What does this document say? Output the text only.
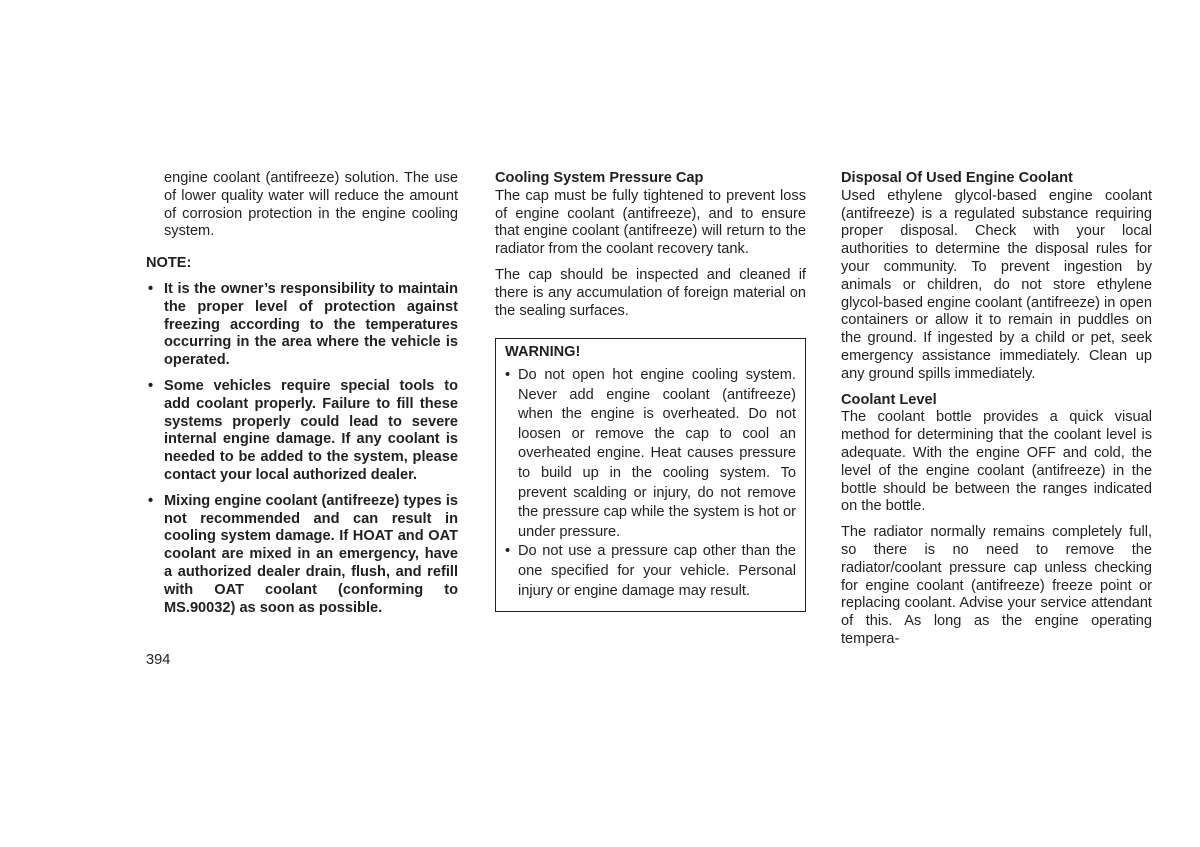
engine coolant (antifreeze) solution. The use of lower quality water will reduce the amount of corrosion protection in the engine cooling system.

NOTE:

• It is the owner’s responsibility to maintain the proper level of protection against freezing according to the temperatures occurring in the area where the vehicle is operated.
• Some vehicles require special tools to add coolant properly. Failure to fill these systems properly could lead to severe internal engine damage. If any coolant is needed to be added to the system, please contact your local authorized dealer.
• Mixing engine coolant (antifreeze) types is not recommended and can result in cooling system damage. If HOAT and OAT coolant are mixed in an emergency, have a authorized dealer drain, flush, and refill with OAT coolant (conforming to MS.90032) as soon as possible.

Cooling System Pressure Cap

The cap must be fully tightened to prevent loss of engine coolant (antifreeze), and to ensure that engine coolant (antifreeze) will return to the radiator from the coolant recovery tank.

The cap should be inspected and cleaned if there is any accumulation of foreign material on the sealing surfaces.

WARNING!
• Do not open hot engine cooling system. Never add engine coolant (antifreeze) when the engine is overheated. Do not loosen or remove the cap to cool an overheated engine. Heat causes pressure to build up in the cooling system. To prevent scalding or injury, do not remove the pressure cap while the system is hot or under pressure.
• Do not use a pressure cap other than the one specified for your vehicle. Personal injury or engine damage may result.

Disposal Of Used Engine Coolant

Used ethylene glycol-based engine coolant (antifreeze) is a regulated substance requiring proper disposal. Check with your local authorities to determine the disposal rules for your community. To prevent ingestion by animals or children, do not store ethylene glycol-based engine coolant (antifreeze) in open containers or allow it to remain in puddles on the ground. If ingested by a child or pet, seek emergency assistance immediately. Clean up any ground spills immediately.

Coolant Level

The coolant bottle provides a quick visual method for determining that the coolant level is adequate. With the engine OFF and cold, the level of the engine coolant (antifreeze) in the bottle should be between the ranges indicated on the bottle.

The radiator normally remains completely full, so there is no need to remove the radiator/coolant pressure cap unless checking for engine coolant (antifreeze) freeze point or replacing coolant. Advise your service attendant of this. As long as the engine operating tempera-

394
